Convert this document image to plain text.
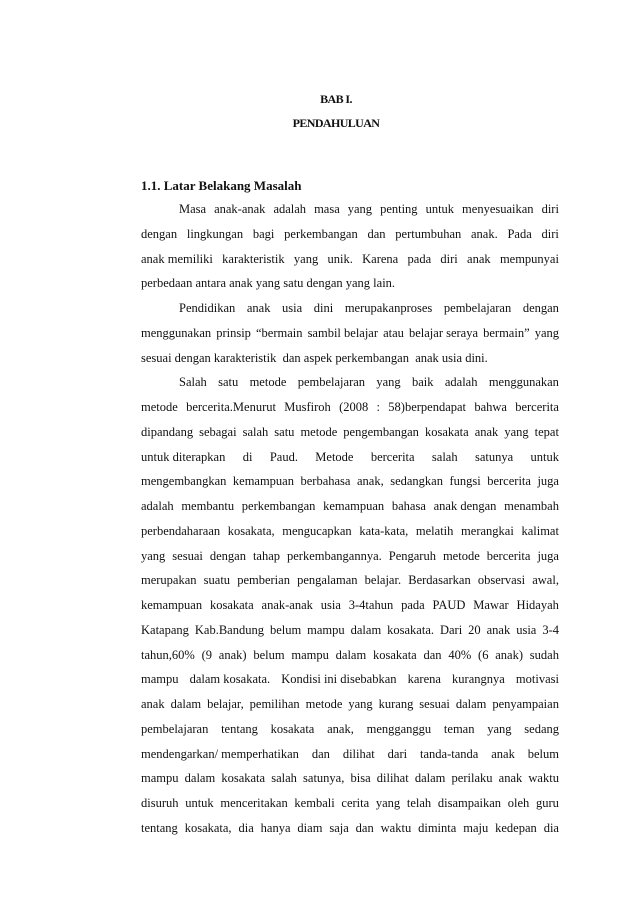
BAB I.
PENDAHULUAN
1.1. Latar Belakang Masalah
Masa anak-anak adalah masa yang penting untuk menyesuaikan diri
dengan lingkungan bagi perkembangan dan pertumbuhan anak. Pada diri
anak memiliki karakteristik yang unik. Karena pada diri anak mempunyai
perbedaan antara anak yang satu dengan yang lain.
Pendidikan anak usia dini merupakanproses pembelajaran dengan
menggunakan prinsip “bermain sambil belajar atau belajar seraya bermain” yang
sesuai dengan karakteristik  dan aspek perkembangan  anak usia dini.
Salah satu metode pembelajaran yang baik adalah menggunakan
metode bercerita.Menurut Musfiroh (2008 : 58)berpendapat bahwa bercerita
dipandang sebagai salah satu metode pengembangan kosakata anak yang tepat
untuk diterapkan di Paud. Metode bercerita salah satunya untuk
mengembangkan kemampuan berbahasa anak, sedangkan fungsi bercerita juga
adalah membantu perkembangan kemampuan bahasa anak dengan menambah
perbendaharaan kosakata, mengucapkan kata-kata, melatih merangkai kalimat
yang sesuai dengan tahap perkembangannya. Pengaruh metode bercerita juga
merupakan suatu pemberian pengalaman belajar. Berdasarkan observasi awal,
kemampuan kosakata anak-anak usia 3-4tahun pada PAUD Mawar Hidayah
Katapang Kab.Bandung belum mampu dalam kosakata. Dari 20 anak usia 3-4
tahun,60% (9 anak) belum mampu dalam kosakata dan 40% (6 anak) sudah
mampu dalam kosakata. Kondisi ini disebabkan karena kurangnya motivasi
anak dalam belajar, pemilihan metode yang kurang sesuai dalam penyampaian
pembelajaran tentang kosakata anak, mengganggu teman yang sedang
mendengarkan/ memperhatikan dan dilihat dari tanda-tanda anak belum
mampu dalam kosakata salah satunya, bisa dilihat dalam perilaku anak waktu
disuruh untuk menceritakan kembali cerita yang telah disampaikan oleh guru
tentang kosakata, dia hanya diam saja dan waktu diminta maju kedepan dia
